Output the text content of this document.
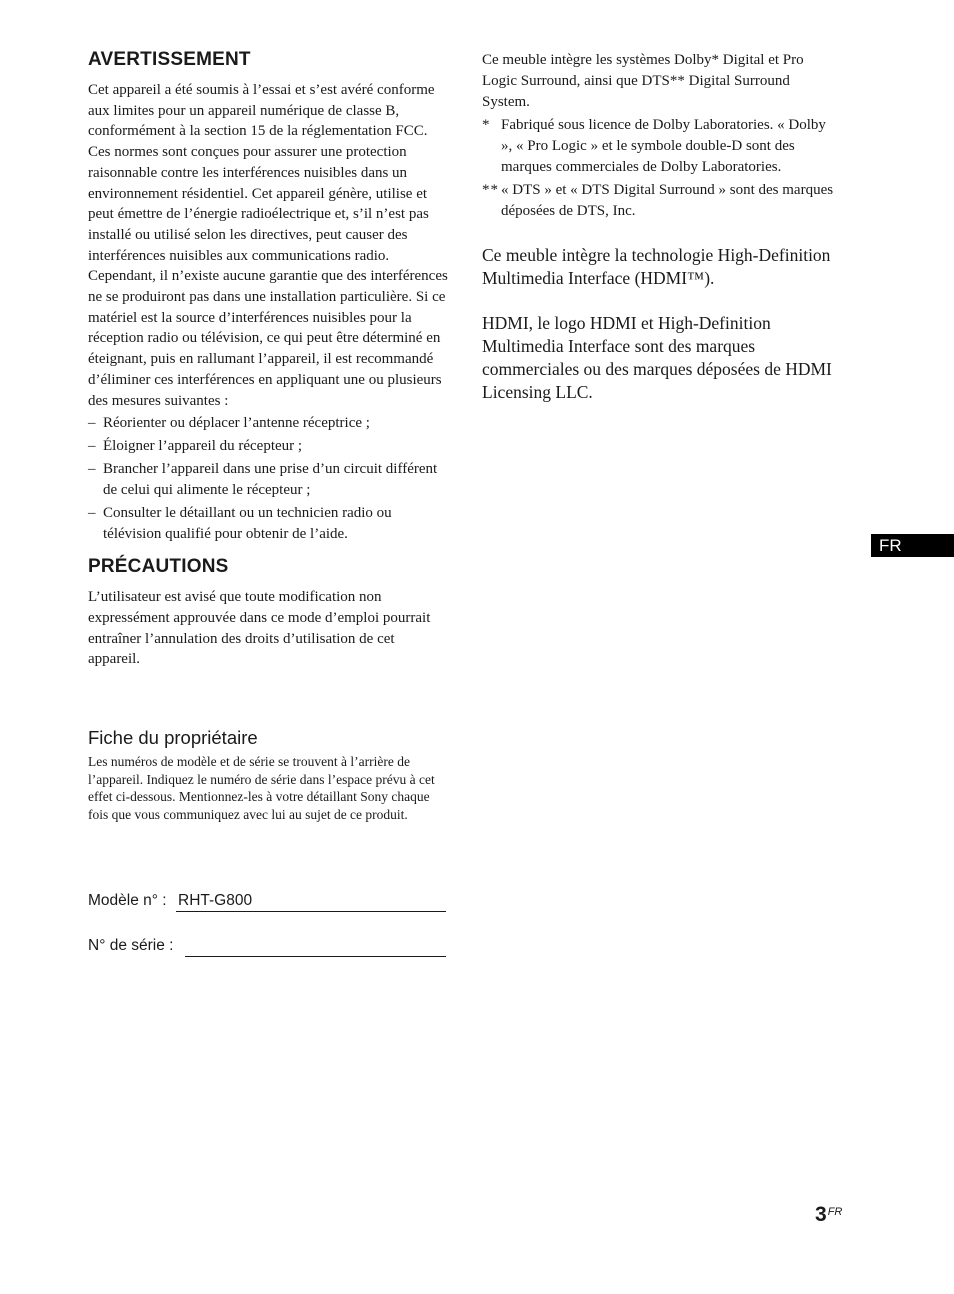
AVERTISSEMENT

Cet appareil a été soumis à l’essai et s’est avéré conforme aux limites pour un appareil numérique de classe B, conformément à la section 15 de la réglementation FCC. Ces normes sont conçues pour assurer une protection raisonnable contre les interférences nuisibles dans un environnement résidentiel. Cet appareil génère, utilise et peut émettre de l’énergie radioélectrique et, s’il n’est pas installé ou utilisé selon les directives, peut causer des interférences nuisibles aux communications radio. Cependant, il n’existe aucune garantie que des interférences ne se produiront pas dans une installation particulière. Si ce matériel est la source d’interférences nuisibles pour la réception radio ou télévision, ce qui peut être déterminé en éteignant, puis en rallumant l’appareil, il est recommandé d’éliminer ces interférences en appliquant une ou plusieurs des mesures suivantes :

– Réorienter ou déplacer l’antenne réceptrice ;
– Éloigner l’appareil du récepteur ;
– Brancher l’appareil dans une prise d’un circuit différent de celui qui alimente le récepteur ;
– Consulter le détaillant ou un technicien radio ou télévision qualifié pour obtenir de l’aide.
PRÉCAUTIONS

L’utilisateur est avisé que toute modification non expressément approuvée dans ce mode d’emploi pourrait entraîner l’annulation des droits d’utilisation de cet appareil.

Fiche du propriétaire

Les numéros de modèle et de série se trouvent à l’arrière de l’appareil. Indiquez le numéro de série dans l’espace prévu à cet effet ci-dessous. Mentionnez-les à votre détaillant Sony chaque fois que vous communiquez avec lui au sujet de ce produit.

Modèle n° : RHT-G800
N° de série :

Ce meuble intègre les systèmes Dolby* Digital et Pro Logic Surround, ainsi que DTS** Digital Surround System.

* Fabriqué sous licence de Dolby Laboratories. « Dolby », « Pro Logic » et le symbole double-D sont des marques commerciales de Dolby Laboratories.
** « DTS » et « DTS Digital Surround » sont des marques déposées de DTS, Inc.

Ce meuble intègre la technologie High-Definition Multimedia Interface (HDMI™).

HDMI, le logo HDMI et High-Definition Multimedia Interface sont des marques commerciales ou des marques déposées de HDMI Licensing LLC.

FR
$3^{FR}$
